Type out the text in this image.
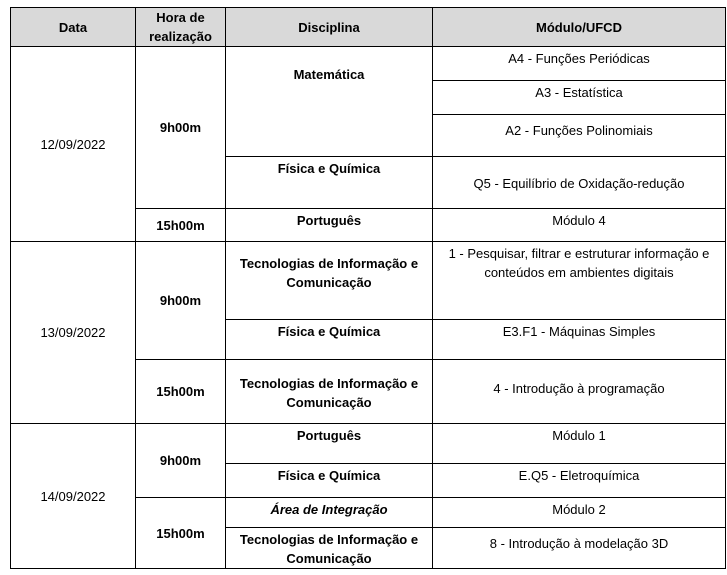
Data	Hora de realização	Disciplina	Módulo/UFCD
12/09/2022	9h00m	Matemática	A4 - Funções Periódicas
			A3 - Estatística
			A2 - Funções Polinomiais
		Física e Química	Q5 - Equilíbrio de Oxidação-redução

	15h00m	Português	Módulo 4
13/09/2022	9h00m	Tecnologias de Informação e Comunicação	1 - Pesquisar, filtrar e estruturar informação e conteúdos em ambientes digitais
		Física e Química	E3.F1 - Máquinas Simples
	15h00m	Tecnologias de Informação e Comunicação	4 - Introdução à programação
14/09/2022	9h00m	Português	Módulo 1
		Física e Química	E.Q5 - Eletroquímica
	15h00m	Área de Integração	Módulo 2
		Tecnologias de Informação e Comunicação	8 - Introdução à modelação 3D
